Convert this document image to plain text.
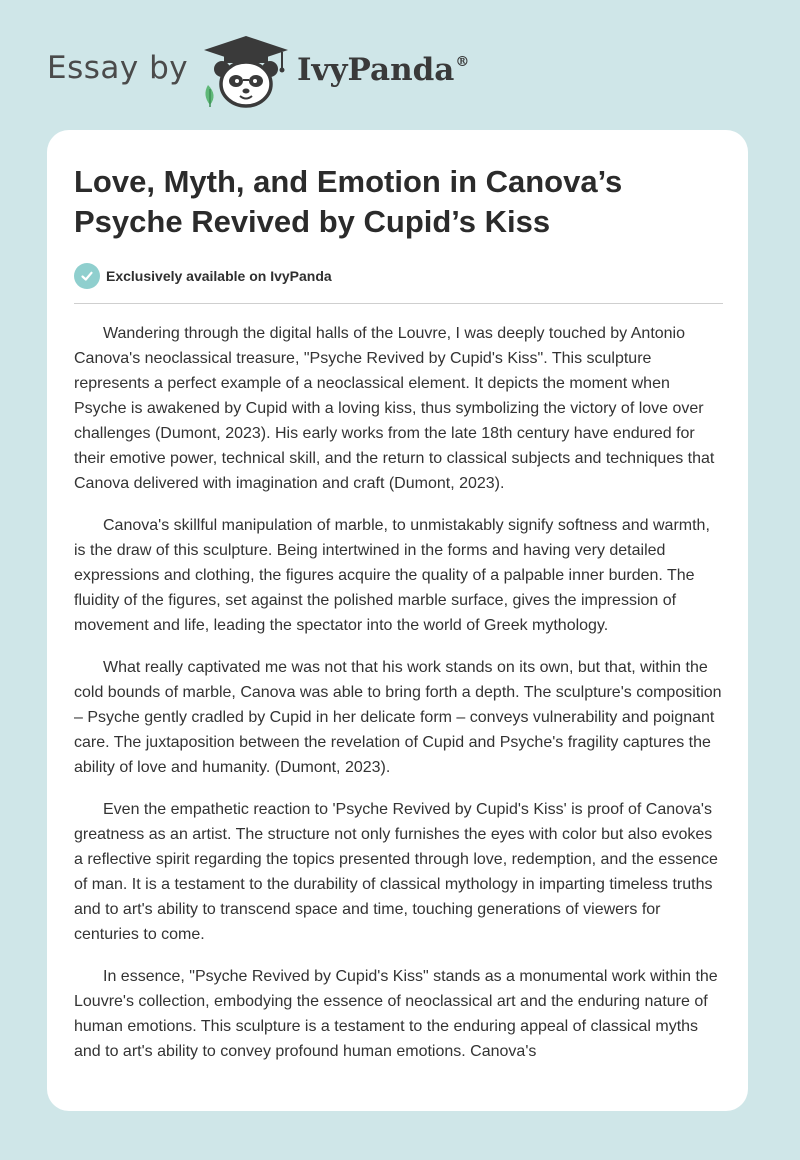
Essay by	IvyPanda®
Love, Myth, and Emotion in Canova’s Psyche Revived by Cupid’s Kiss
Exclusively available on IvyPanda

Wandering through the digital halls of the Louvre, I was deeply touched by Antonio Canova's neoclassical treasure, "Psyche Revived by Cupid's Kiss". This sculpture represents a perfect example of a neoclassical element. It depicts the moment when Psyche is awakened by Cupid with a loving kiss, thus symbolizing the victory of love over challenges (Dumont, 2023). His early works from the late 18th century have endured for their emotive power, technical skill, and the return to classical subjects and techniques that Canova delivered with imagination and craft (Dumont, 2023).

Canova's skillful manipulation of marble, to unmistakably signify softness and warmth, is the draw of this sculpture. Being intertwined in the forms and having very detailed expressions and clothing, the figures acquire the quality of a palpable inner burden. The fluidity of the figures, set against the polished marble surface, gives the impression of movement and life, leading the spectator into the world of Greek mythology.

What really captivated me was not that his work stands on its own, but that, within the cold bounds of marble, Canova was able to bring forth a depth. The sculpture's composition – Psyche gently cradled by Cupid in her delicate form – conveys vulnerability and poignant care. The juxtaposition between the revelation of Cupid and Psyche's fragility captures the ability of love and humanity. (Dumont, 2023).

Even the empathetic reaction to 'Psyche Revived by Cupid's Kiss' is proof of Canova's greatness as an artist. The structure not only furnishes the eyes with color but also evokes a reflective spirit regarding the topics presented through love, redemption, and the essence of man. It is a testament to the durability of classical mythology in imparting timeless truths and to art's ability to transcend space and time, touching generations of viewers for centuries to come.

In essence, "Psyche Revived by Cupid's Kiss" stands as a monumental work within the Louvre's collection, embodying the essence of neoclassical art and the enduring nature of human emotions. This sculpture is a testament to the enduring appeal of classical myths and to art's ability to convey profound human emotions. Canova's
